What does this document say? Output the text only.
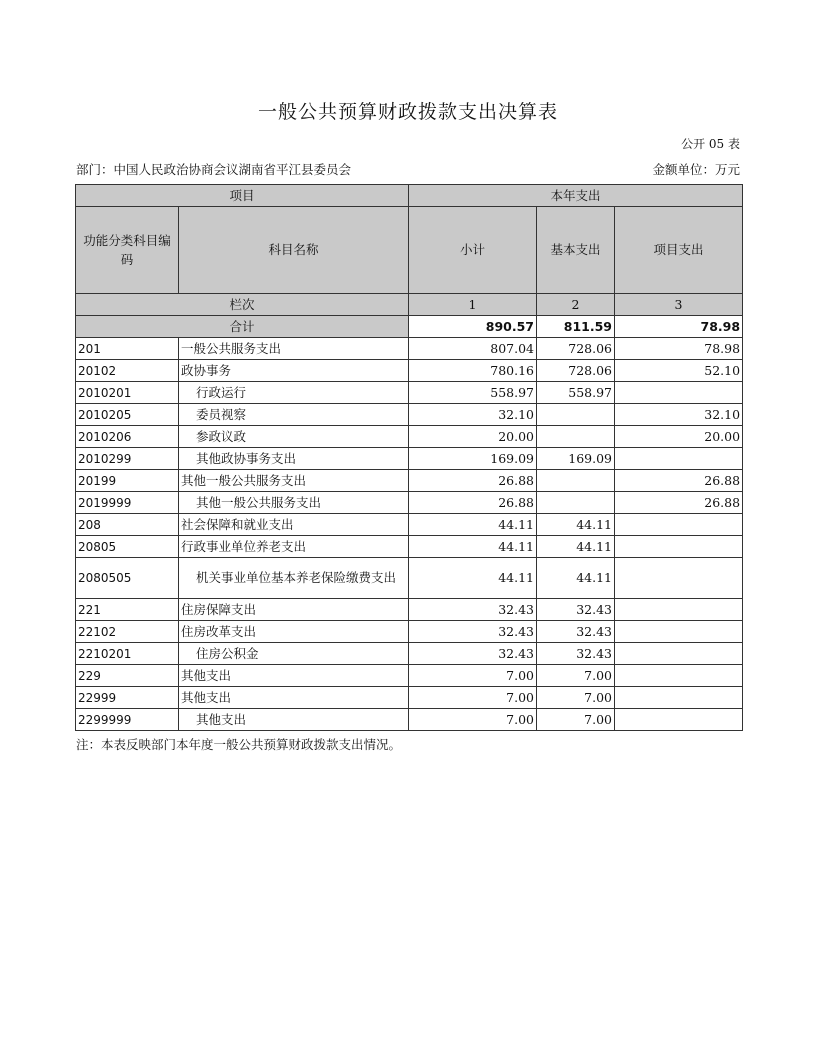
一般公共预算财政拨款支出决算表
公开 05 表
部门：中国人民政治协商会议湖南省平江县委员会	金额单位：万元
项目		本年支出		
功能分类科目编码	科目名称	小计	基本支出	项目支出
栏次		1	2	3
合计		890.57	811.59	78.98
201	一般公共服务支出	807.04	728.06	78.98
20102	政协事务	780.16	728.06	52.10
2010201	行政运行	558.97	558.97	
2010205	委员视察	32.10		32.10
2010206	参政议政	20.00		20.00
2010299	其他政协事务支出	169.09	169.09	
20199	其他一般公共服务支出	26.88		26.88
2019999	其他一般公共服务支出	26.88		26.88
208	社会保障和就业支出	44.11	44.11	
20805	行政事业单位养老支出	44.11	44.11	
2080505	机关事业单位基本养老保险缴费支出	44.11	44.11	
221	住房保障支出	32.43	32.43	
22102	住房改革支出	32.43	32.43	
2210201	住房公积金	32.43	32.43	
229	其他支出	7.00	7.00	
22999	其他支出	7.00	7.00	
2299999	其他支出	7.00	7.00	
注：本表反映部门本年度一般公共预算财政拨款支出情况。
